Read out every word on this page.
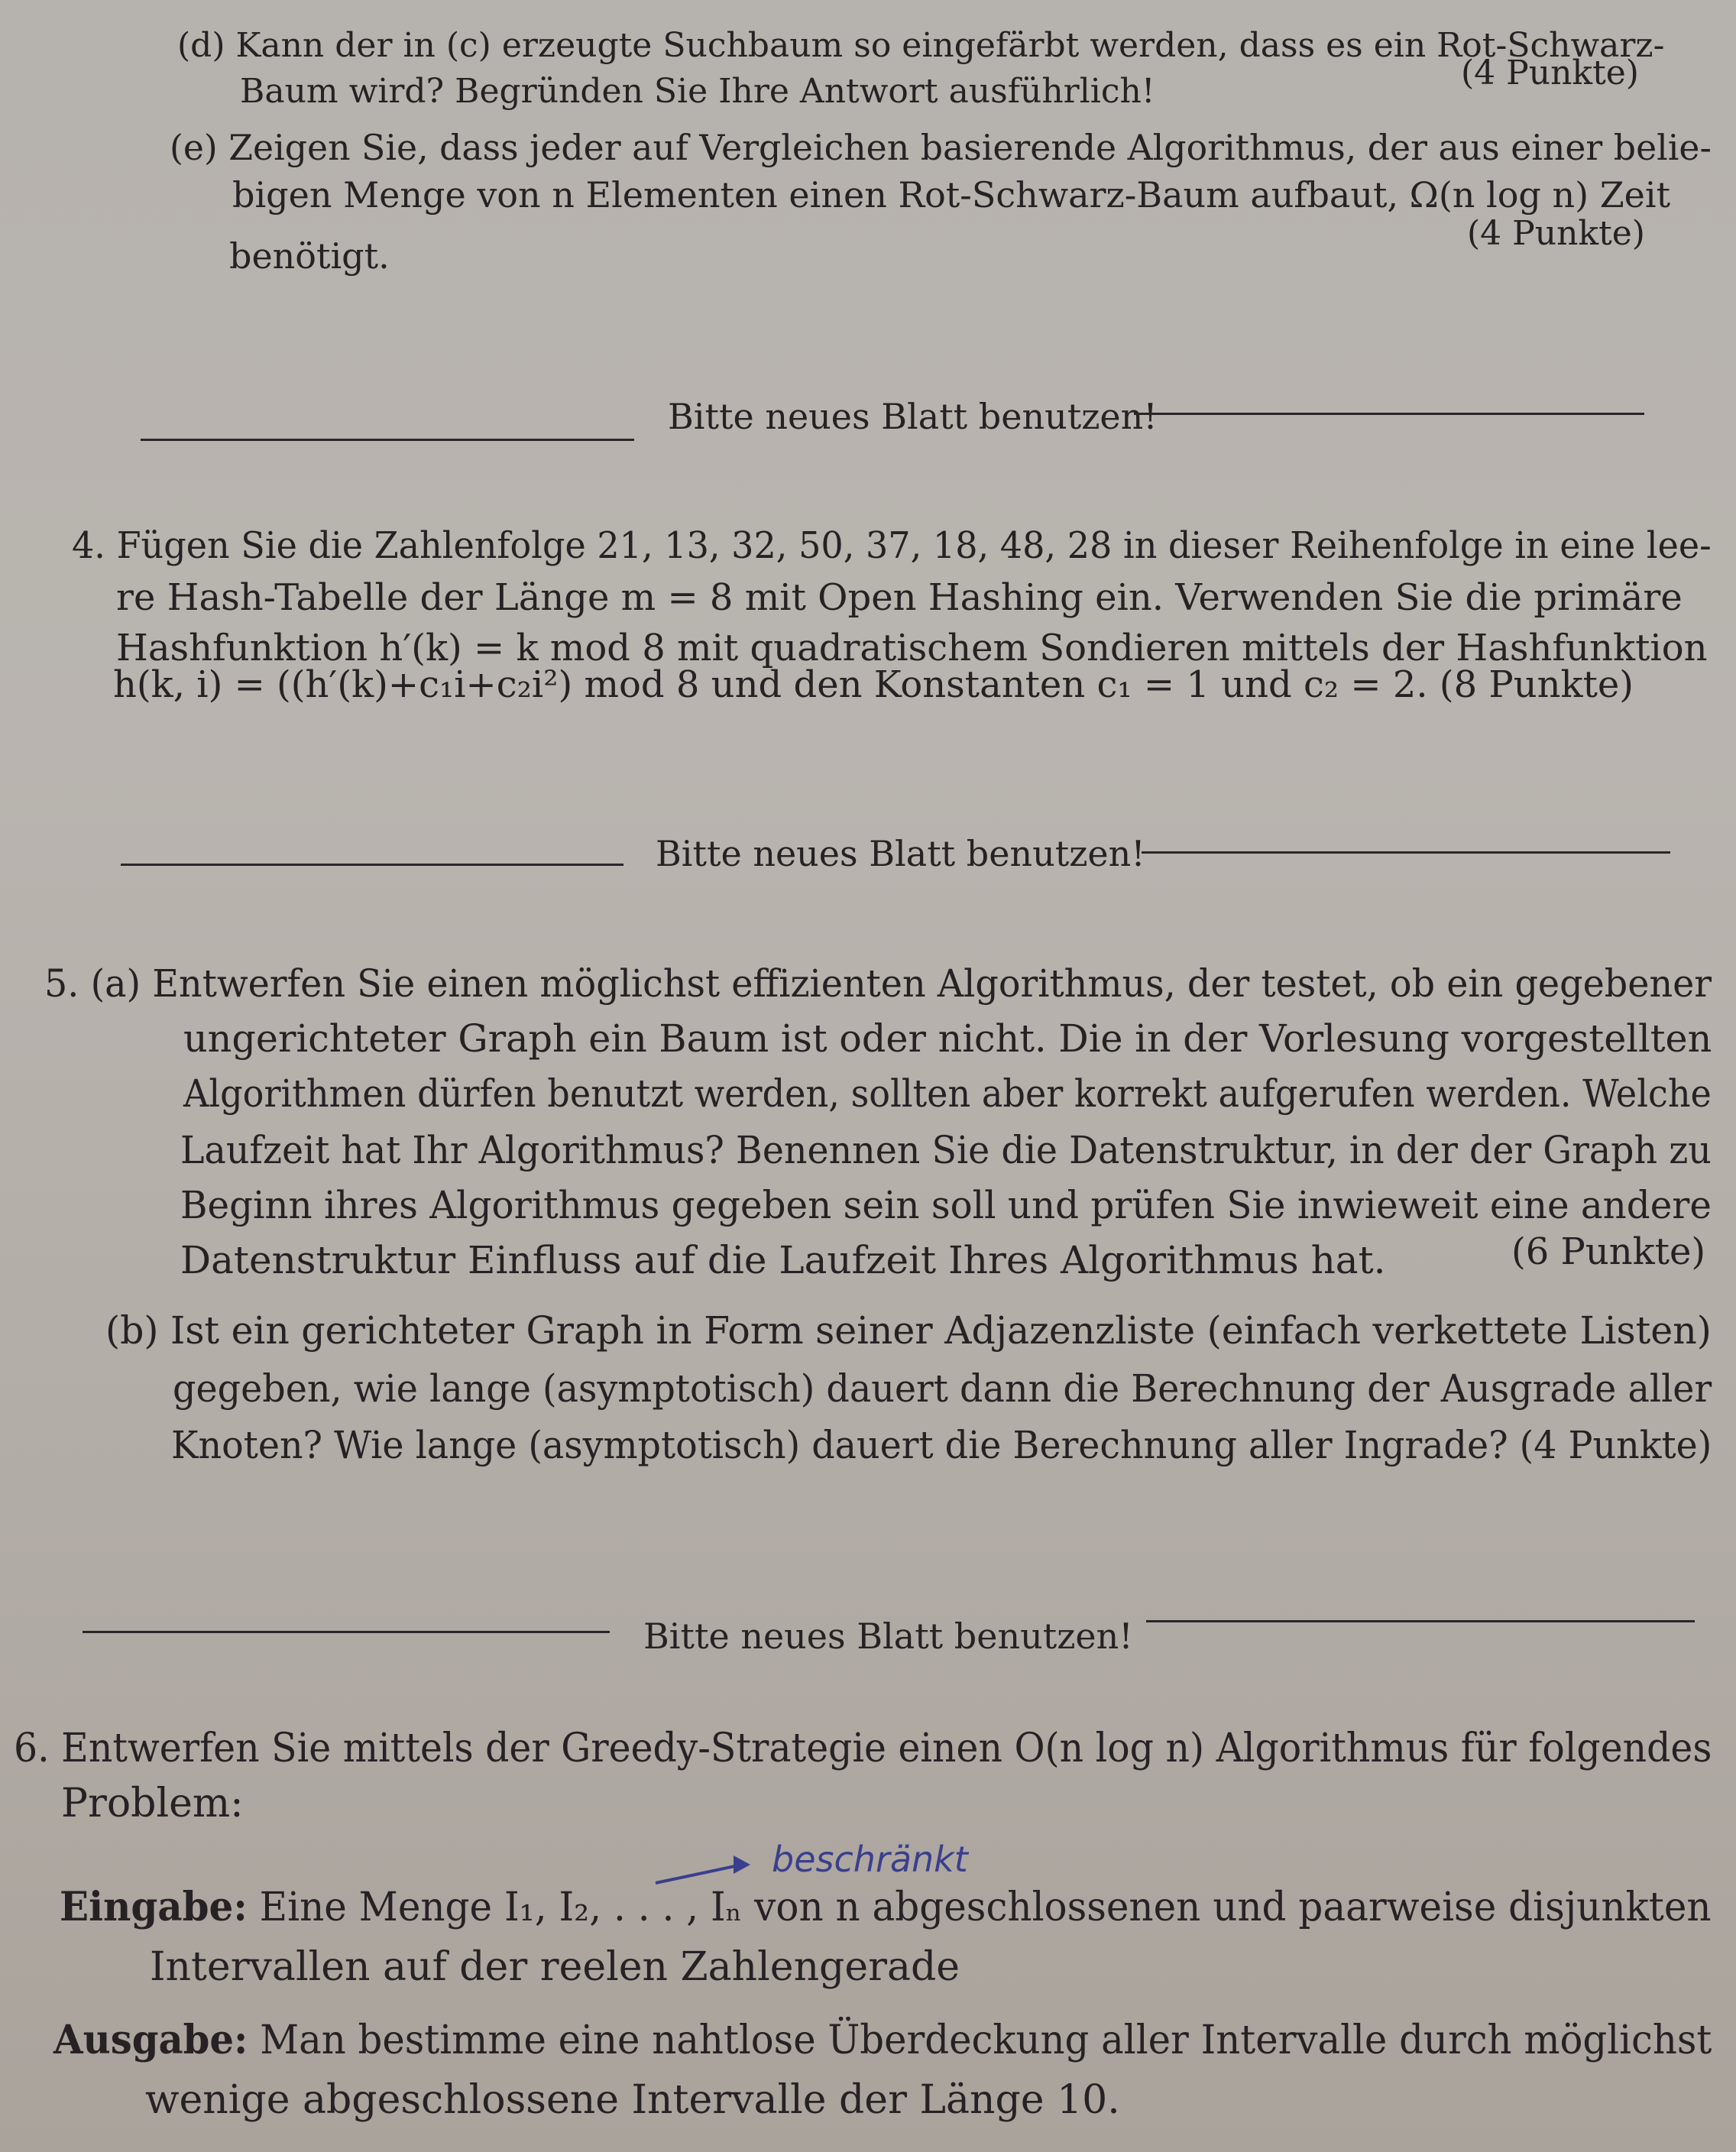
(d) Kann der in (c) erzeugte Suchbaum so eingefärbt werden, dass es ein Rot-Schwarz-
Baum wird? Begründen Sie Ihre Antwort ausführlich!	(4 Punkte)
(e) Zeigen Sie, dass jeder auf Vergleichen basierende Algorithmus, der aus einer belie-
bigen Menge von n Elementen einen Rot-Schwarz-Baum aufbaut, Ω(n log n) Zeit
benötigt.
(4 Punkte)
Bitte neues Blatt benutzen!
4. Fügen Sie die Zahlenfolge 21, 13, 32, 50, 37, 18, 48, 28 in dieser Reihenfolge in eine lee-
re Hash-Tabelle der Länge m = 8 mit Open Hashing ein. Verwenden Sie die primäre
Hashfunktion h′(k) = k mod 8 mit quadratischem Sondieren mittels der Hashfunktion
h(k, i) = ((h′(k)+c₁i+c₂i²) mod 8 und den Konstanten c₁ = 1 und c₂ = 2. (8 Punkte)
Bitte neues Blatt benutzen!
5. (a) Entwerfen Sie einen möglichst effizienten Algorithmus, der testet, ob ein gegebener
ungerichteter Graph ein Baum ist oder nicht. Die in der Vorlesung vorgestellten
Algorithmen dürfen benutzt werden, sollten aber korrekt aufgerufen werden. Welche
Laufzeit hat Ihr Algorithmus? Benennen Sie die Datenstruktur, in der der Graph zu
Beginn ihres Algorithmus gegeben sein soll und prüfen Sie inwieweit eine andere
Datenstruktur Einfluss auf die Laufzeit Ihres Algorithmus hat.	(6 Punkte)
(b) Ist ein gerichteter Graph in Form seiner Adjazenzliste (einfach verkettete Listen)
gegeben, wie lange (asymptotisch) dauert dann die Berechnung der Ausgrade aller
Knoten? Wie lange (asymptotisch) dauert die Berechnung aller Ingrade? (4 Punkte)
Bitte neues Blatt benutzen!
6. Entwerfen Sie mittels der Greedy-Strategie einen O(n log n) Algorithmus für folgendes
Problem:
beschränkt
Eingabe: Eine Menge I₁, I₂, . . . , Iₙ von n abgeschlossenen und paarweise disjunkten
Intervallen auf der reelen Zahlengerade
Ausgabe: Man bestimme eine nahtlose Überdeckung aller Intervalle durch möglichst
wenige abgeschlossene Intervalle der Länge 10.
